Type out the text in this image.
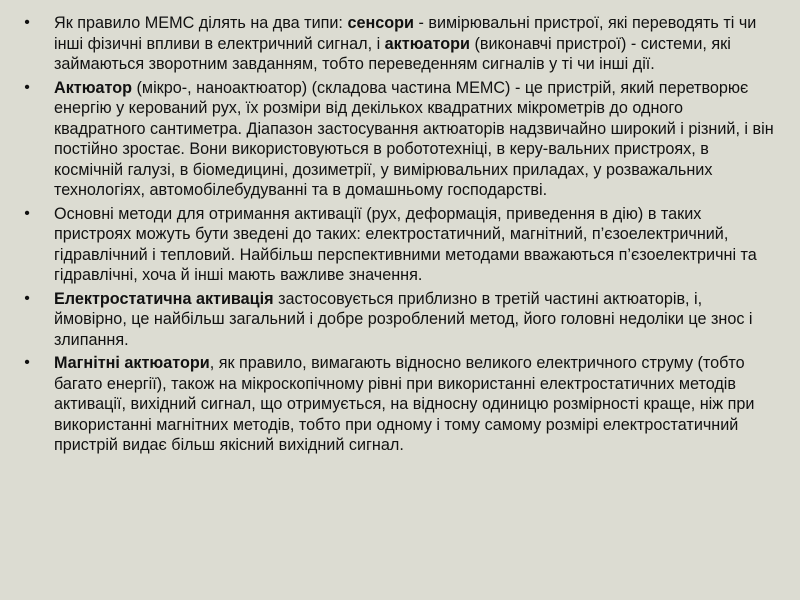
• Як правило МЕМС ділять на два типи: сенсори - вимірювальні пристрої, які переводять ті чи інші фізичні впливи в електричний сигнал, і актюатори (виконавчі пристрої) - системи, які займаються зворотним завданням, тобто переведенням сигналів у ті чи інші дії.
• Актюатор (мікро-, наноактюатор) (складова частина МЕМС) - це пристрій, який перетворює енергію у керований рух, їх розміри від декількох квадратних мікрометрів до одного квадратного сантиметра. Діапазон застосування актюаторів надзвичайно широкий і різний, і він постійно зростає. Вони використовуються в робототехніці, в керу-вальних пристроях, в космічній галузі, в біомедицині, дозиметрії, у вимірювальних приладах, у розважальних технологіях, автомобілебудуванні та в домашньому господарстві.
• Основні методи для отримання активації (рух, деформація, приведення в дію) в таких пристроях можуть бути зведені до таких: електростатичний, магнітний, п’єзоелектричний, гідравлічний і тепловий. Найбільш перспективними методами вважаються п’єзоелектричні та гідравлічні, хоча й інші мають важливе значення.
• Електростатична активація застосовується приблизно в третій частині актюаторів, і, ймовірно, це найбільш загальний і добре розроблений метод, його головні недоліки це знос і злипання.
• Магнітні актюатори, як правило, вимагають відносно великого електричного струму (тобто багато енергії), також на мікроскопічному рівні при використанні електростатичних методів активації, вихідний сигнал, що отримується, на відносну одиницю розмірності краще, ніж при використанні магнітних методів, тобто при одному і тому самому розмірі електростатичний пристрій видає більш якісний вихідний сигнал.
